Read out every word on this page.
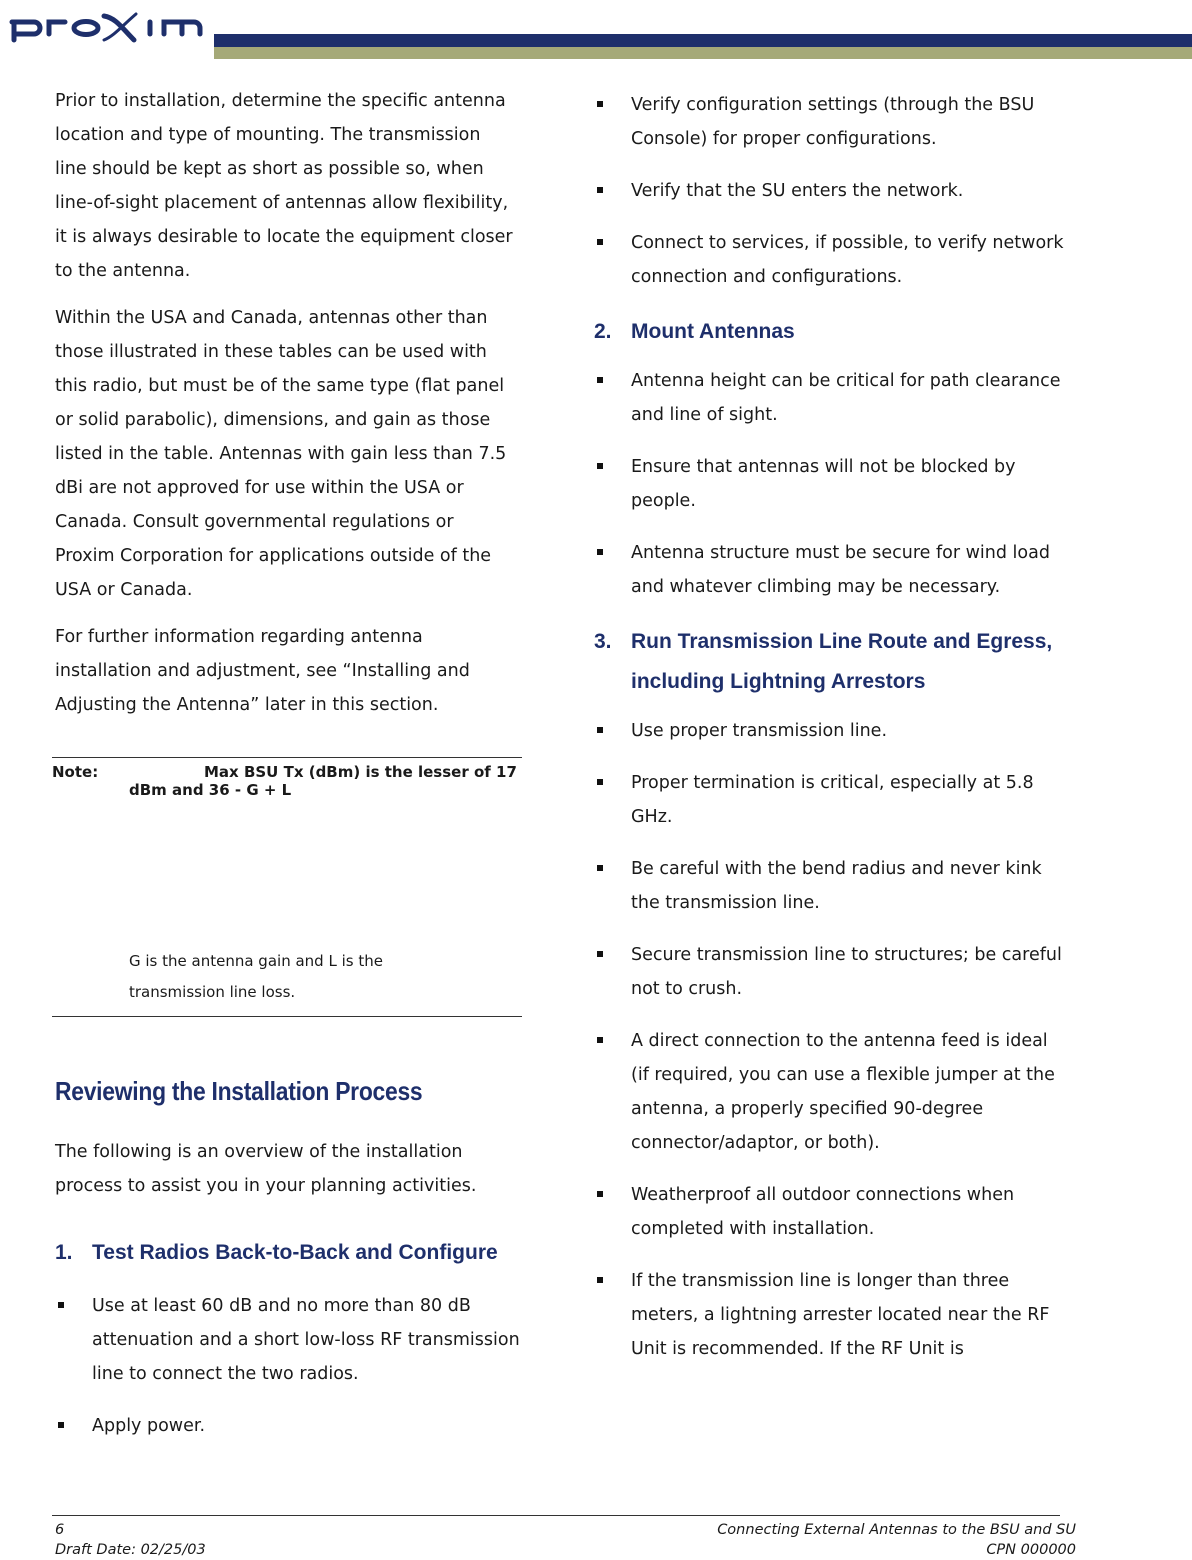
Prior to installation, determine the specific antenna location and type of mounting. The transmission line should be kept as short as possible so, when line-of-sight placement of antennas allow flexibility, it is always desirable to locate the equipment closer to the antenna.

Within the USA and Canada, antennas other than those illustrated in these tables can be used with this radio, but must be of the same type (flat panel or solid parabolic), dimensions, and gain as those listed in the table. Antennas with gain less than 7.5 dBi are not approved for use within the USA or Canada. Consult governmental regulations or Proxim Corporation for applications outside of the USA or Canada.

For further information regarding antenna installation and adjustment, see “Installing and Adjusting the Antenna” later in this section.

Note:	Max BSU Tx (dBm) is the lesser of 17 dBm and 36 - G + L
G is the antenna gain and L is the transmission line loss.
Reviewing the Installation Process

The following is an overview of the installation process to assist you in your planning activities.

1. Test Radios Back-to-Back and Configure
Use at least 60 dB and no more than 80 dB attenuation and a short low-loss RF transmission line to connect the two radios.
Apply power.
Verify configuration settings (through the BSU Console) for proper configurations.
Verify that the SU enters the network.
Connect to services, if possible, to verify network connection and configurations.
2. Mount Antennas
Antenna height can be critical for path clearance and line of sight.
Ensure that antennas will not be blocked by people.
Antenna structure must be secure for wind load and whatever climbing may be necessary.
3. Run Transmission Line Route and Egress, including Lightning Arrestors
Use proper transmission line.
Proper termination is critical, especially at 5.8 GHz.
Be careful with the bend radius and never kink the transmission line.
Secure transmission line to structures; be careful not to crush.
A direct connection to the antenna feed is ideal (if required, you can use a flexible jumper at the antenna, a properly specified 90-degree connector/adaptor, or both).
Weatherproof all outdoor connections when completed with installation.
If the transmission line is longer than three meters, a lightning arrester located near the RF Unit is recommended. If the RF Unit is
6
Draft Date: 02/25/03
Connecting External Antennas to the BSU and SU
CPN 000000
